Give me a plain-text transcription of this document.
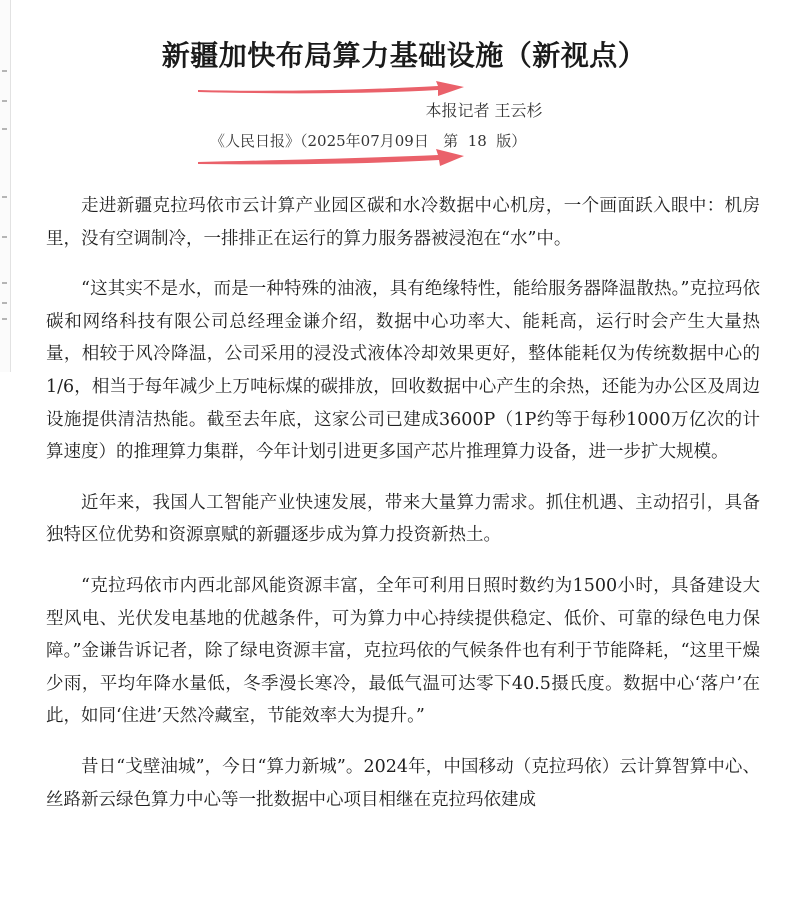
新疆加快布局算力基础设施（新视点）
本报记者 王云杉
《人民日报》（2025年07月09日   第  18  版）

走进新疆克拉玛依市云计算产业园区碳和水冷数据中心机房，一个画面跃入眼中：机房里，没有空调制冷，一排排正在运行的算力服务器被浸泡在“水”中。

“这其实不是水，而是一种特殊的油液，具有绝缘特性，能给服务器降温散热。”克拉玛依碳和网络科技有限公司总经理金谦介绍，数据中心功率大、能耗高，运行时会产生大量热量，相较于风冷降温，公司采用的浸没式液体冷却效果更好，整体能耗仅为传统数据中心的1/6，相当于每年减少上万吨标煤的碳排放，回收数据中心产生的余热，还能为办公区及周边设施提供清洁热能。截至去年底，这家公司已建成3600P（1P约等于每秒1000万亿次的计算速度）的推理算力集群，今年计划引进更多国产芯片推理算力设备，进一步扩大规模。

近年来，我国人工智能产业快速发展，带来大量算力需求。抓住机遇、主动招引，具备独特区位优势和资源禀赋的新疆逐步成为算力投资新热土。

“克拉玛依市内西北部风能资源丰富，全年可利用日照时数约为1500小时，具备建设大型风电、光伏发电基地的优越条件，可为算力中心持续提供稳定、低价、可靠的绿色电力保障。”金谦告诉记者，除了绿电资源丰富，克拉玛依的气候条件也有利于节能降耗，“这里干燥少雨，平均年降水量低，冬季漫长寒冷，最低气温可达零下40.5摄氏度。数据中心‘落户’在此，如同‘住进’天然冷藏室，节能效率大为提升。”

昔日“戈壁油城”，今日“算力新城”。2024年，中国移动（克拉玛依）云计算智算中心、丝路新云绿色算力中心等一批数据中心项目相继在克拉玛依建成
